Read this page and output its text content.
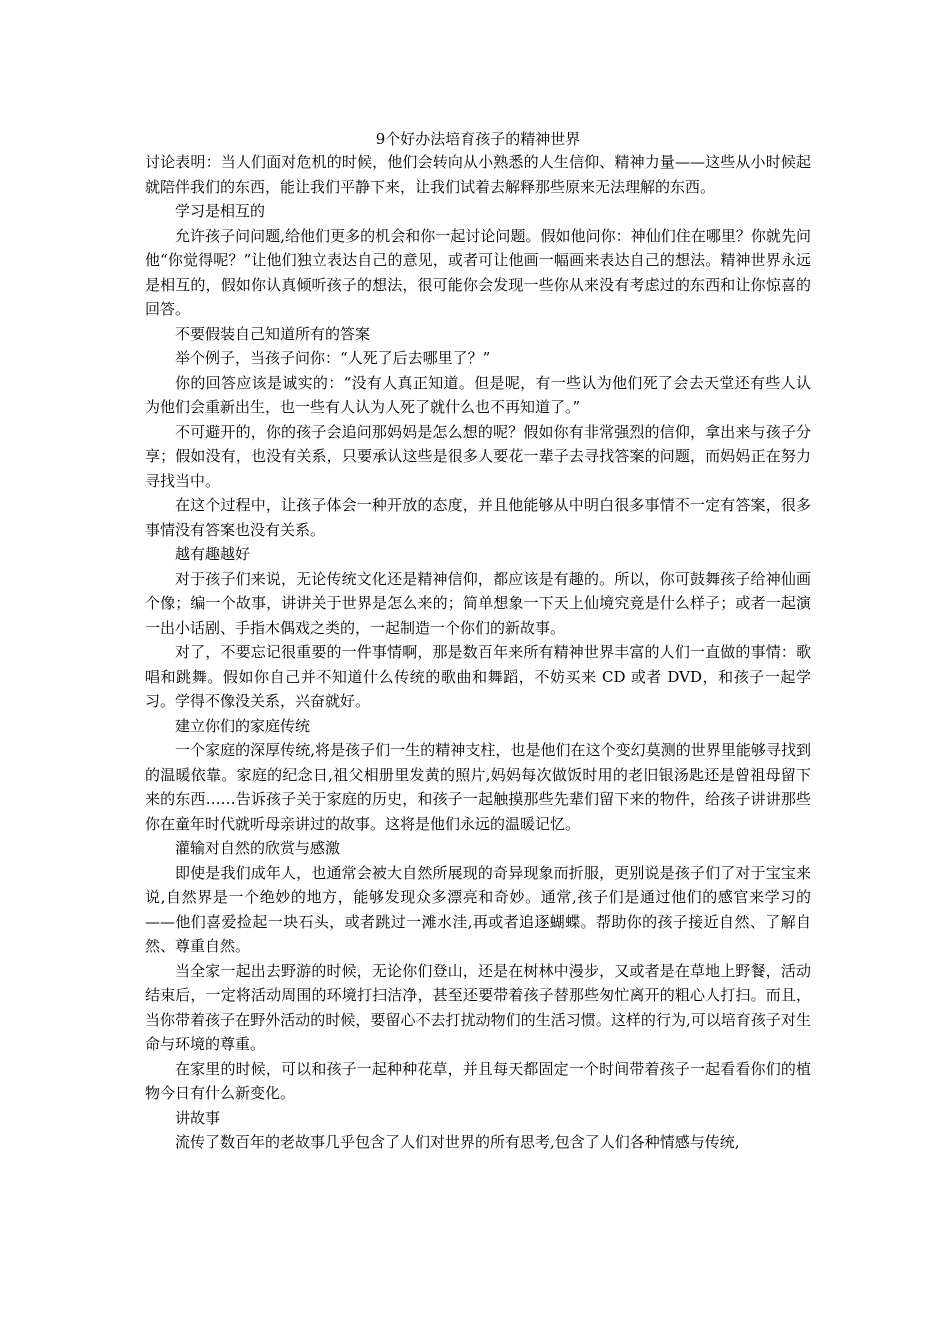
9个好办法培育孩子的精神世界

讨论表明：当人们面对危机的时候，他们会转向从小熟悉的人生信仰、精神力量——这些从小时候起就陪伴我们的东西，能让我们平静下来，让我们试着去解释那些原来无法理解的东西。

学习是相互的

允许孩子问问题,给他们更多的机会和你一起讨论问题。假如他问你：神仙们住在哪里？你就先问他“你觉得呢？”让他们独立表达自己的意见，或者可让他画一幅画来表达自己的想法。精神世界永远是相互的，假如你认真倾听孩子的想法，很可能你会发现一些你从来没有考虑过的东西和让你惊喜的回答。

不要假装自己知道所有的答案

举个例子，当孩子问你：“人死了后去哪里了？”

你的回答应该是诚实的：“没有人真正知道。但是呢，有一些认为他们死了会去天堂还有些人认为他们会重新出生，也一些有人认为人死了就什么也不再知道了。”

不可避开的，你的孩子会追问那妈妈是怎么想的呢？假如你有非常强烈的信仰，拿出来与孩子分享；假如没有，也没有关系，只要承认这些是很多人要花一辈子去寻找答案的问题，而妈妈正在努力寻找当中。

在这个过程中，让孩子体会一种开放的态度，并且他能够从中明白很多事情不一定有答案，很多事情没有答案也没有关系。

越有趣越好

对于孩子们来说，无论传统文化还是精神信仰，都应该是有趣的。所以，你可鼓舞孩子给神仙画个像；编一个故事，讲讲关于世界是怎么来的；简单想象一下天上仙境究竟是什么样子；或者一起演一出小话剧、手指木偶戏之类的，一起制造一个你们的新故事。

对了，不要忘记很重要的一件事情啊，那是数百年来所有精神世界丰富的人们一直做的事情：歌唱和跳舞。假如你自己并不知道什么传统的歌曲和舞蹈，不妨买来 CD 或者 DVD，和孩子一起学习。学得不像没关系，兴奋就好。

建立你们的家庭传统

一个家庭的深厚传统,将是孩子们一生的精神支柱，也是他们在这个变幻莫测的世界里能够寻找到的温暖依靠。家庭的纪念日,祖父相册里发黄的照片,妈妈每次做饭时用的老旧银汤匙还是曾祖母留下来的东西……告诉孩子关于家庭的历史，和孩子一起触摸那些先辈们留下来的物件，给孩子讲讲那些你在童年时代就听母亲讲过的故事。这将是他们永远的温暖记忆。

灌输对自然的欣赏与感激

即使是我们成年人，也通常会被大自然所展现的奇异现象而折服，更别说是孩子们了对于宝宝来说,自然界是一个绝妙的地方，能够发现众多漂亮和奇妙。通常,孩子们是通过他们的感官来学习的——他们喜爱捡起一块石头，或者跳过一滩水洼,再或者追逐蝴蝶。帮助你的孩子接近自然、了解自然、尊重自然。

当全家一起出去野游的时候，无论你们登山，还是在树林中漫步，又或者是在草地上野餐，活动结束后，一定将活动周围的环境打扫洁净，甚至还要带着孩子替那些匆忙离开的粗心人打扫。而且，当你带着孩子在野外活动的时候，要留心不去打扰动物们的生活习惯。这样的行为,可以培育孩子对生命与环境的尊重。

在家里的时候，可以和孩子一起种种花草，并且每天都固定一个时间带着孩子一起看看你们的植物今日有什么新变化。

讲故事

流传了数百年的老故事几乎包含了人们对世界的所有思考,包含了人们各种情感与传统,
